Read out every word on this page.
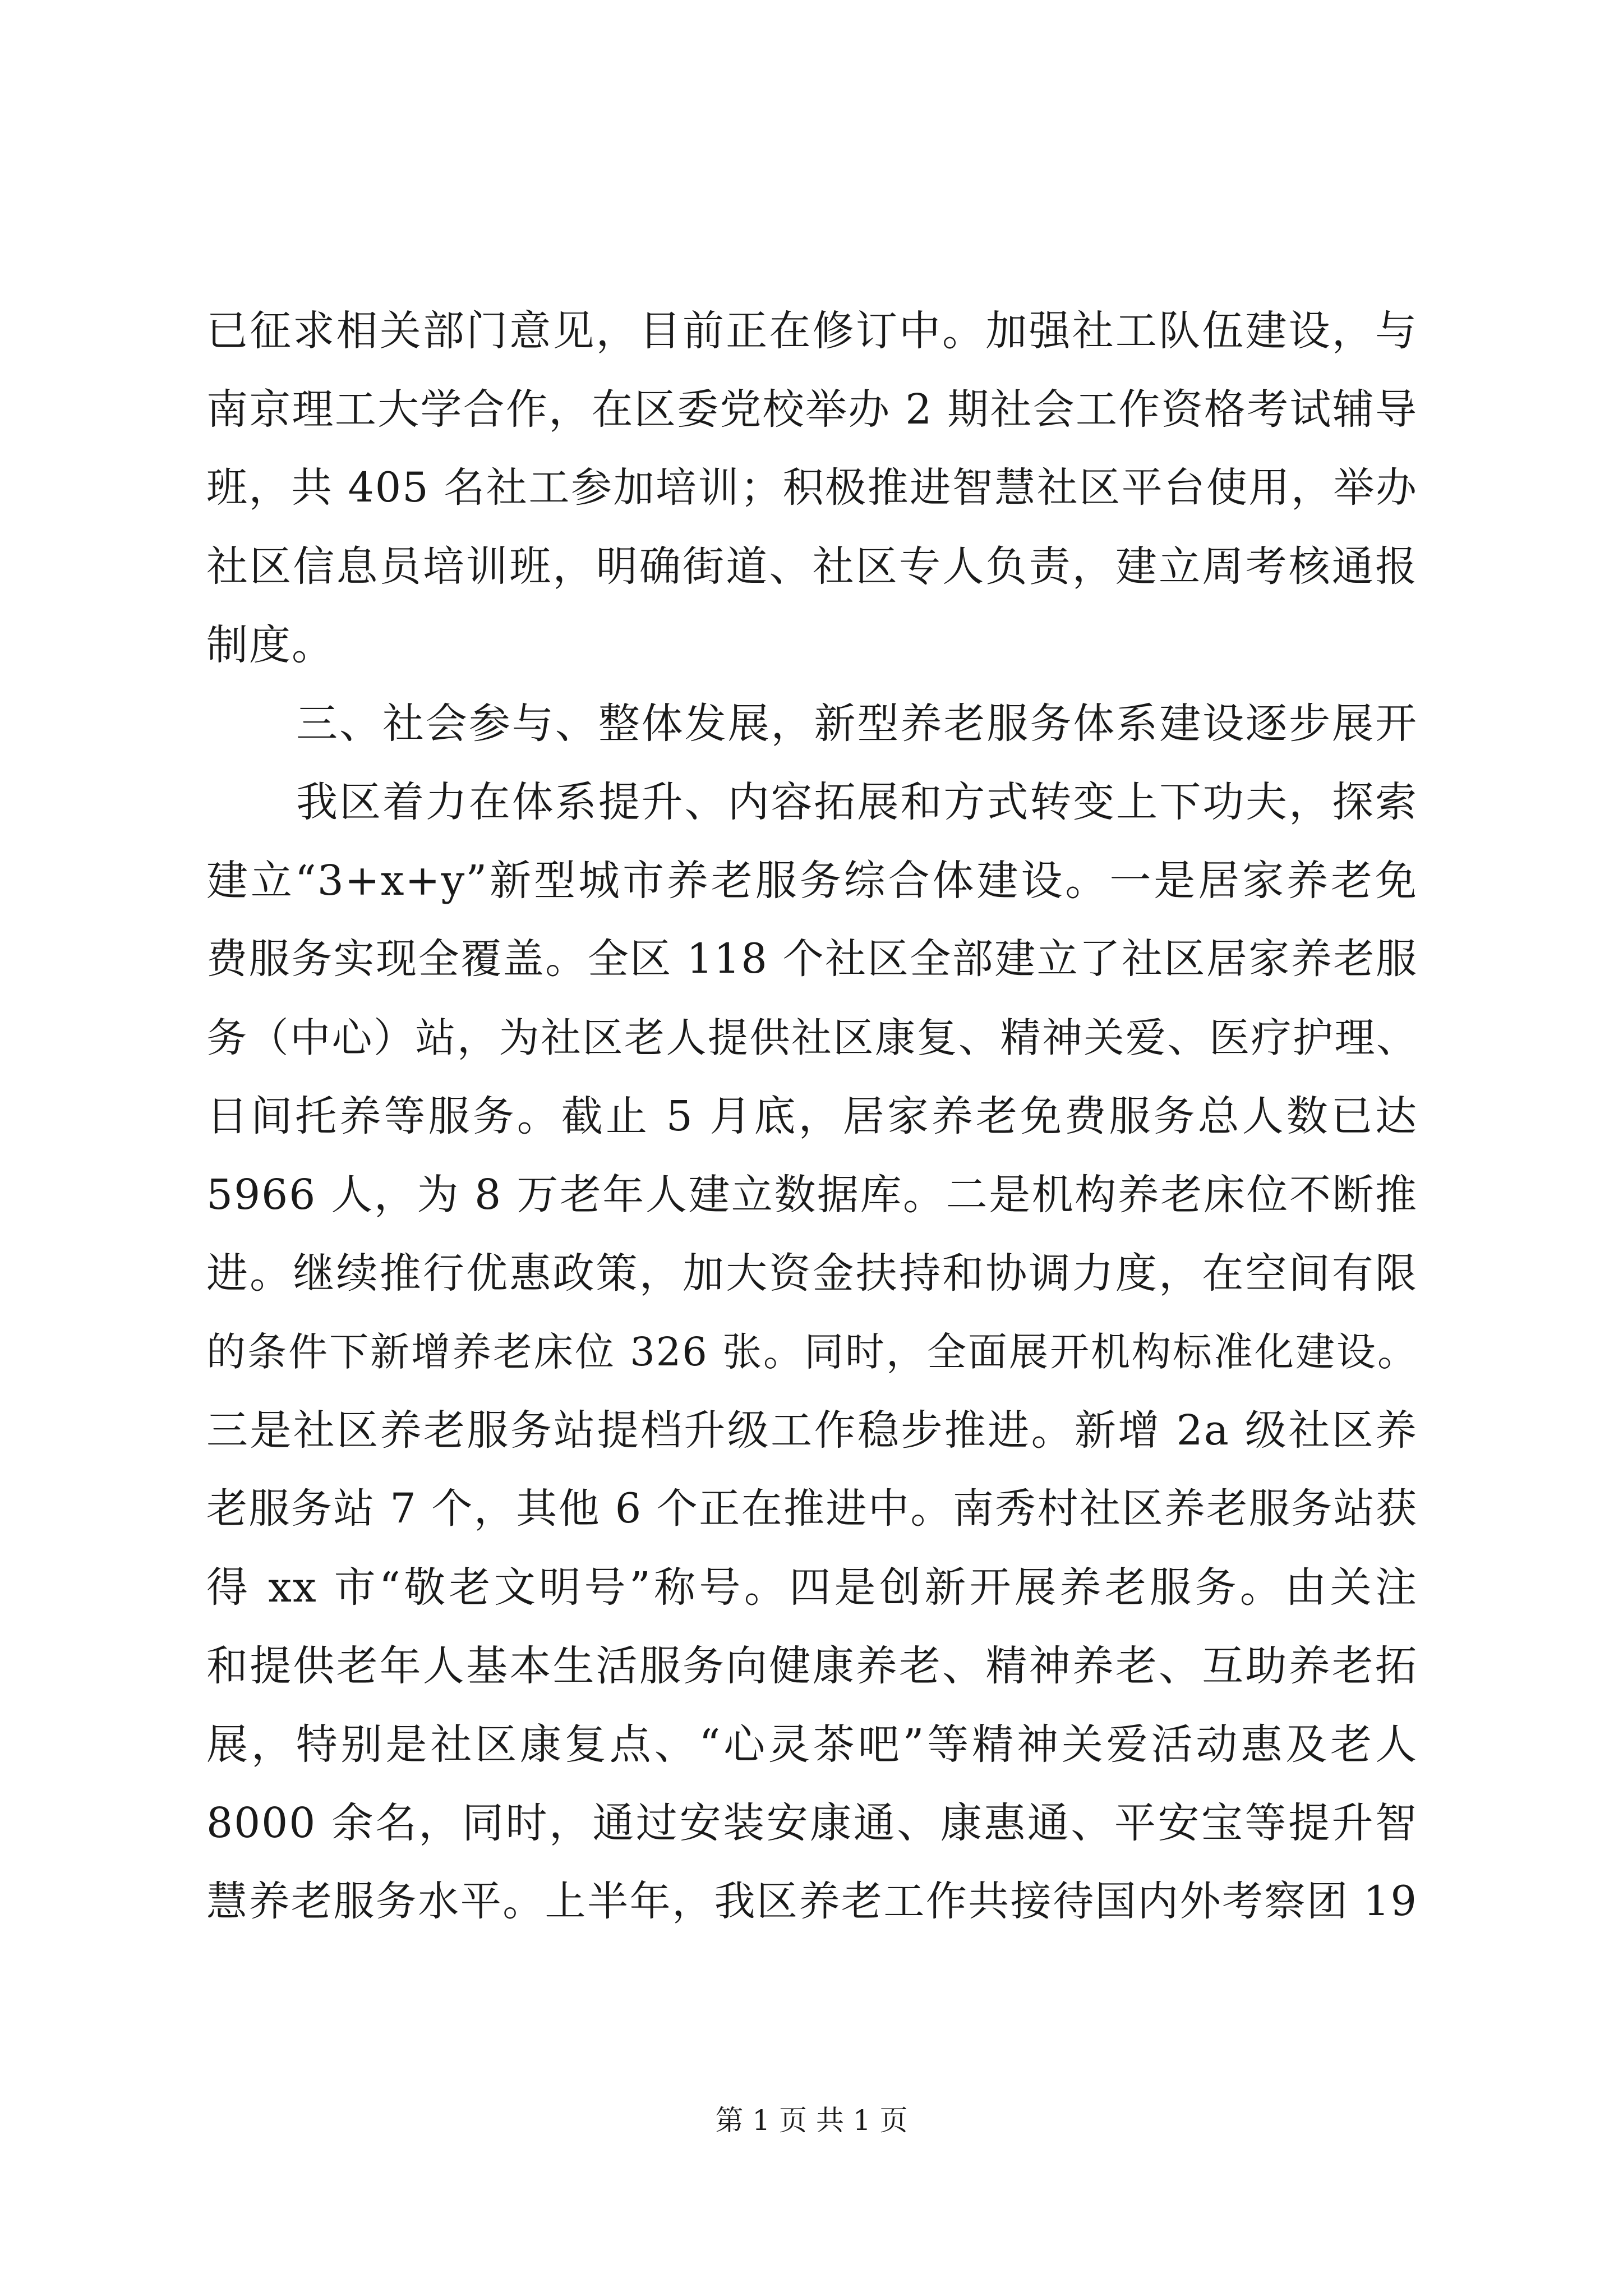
已征求相关部门意见，目前正在修订中。加强社工队伍建设，与
南京理工大学合作，在区委党校举办 2 期社会工作资格考试辅导
班，共 405 名社工参加培训；积极推进智慧社区平台使用，举办
社区信息员培训班，明确街道、社区专人负责，建立周考核通报
制度。
三、社会参与、整体发展，新型养老服务体系建设逐步展开
我区着力在体系提升、内容拓展和方式转变上下功夫，探索
建立“3+x+y”新型城市养老服务综合体建设。一是居家养老免
费服务实现全覆盖。全区 118 个社区全部建立了社区居家养老服
务（中心）站，为社区老人提供社区康复、精神关爱、医疗护理、
日间托养等服务。截止 5 月底，居家养老免费服务总人数已达
5966 人，为 8 万老年人建立数据库。二是机构养老床位不断推
进。继续推行优惠政策，加大资金扶持和协调力度，在空间有限
的条件下新增养老床位 326 张。同时，全面展开机构标准化建设。
三是社区养老服务站提档升级工作稳步推进。新增 2a 级社区养
老服务站 7 个，其他 6 个正在推进中。南秀村社区养老服务站获
得 xx 市“敬老文明号”称号。四是创新开展养老服务。由关注
和提供老年人基本生活服务向健康养老、精神养老、互助养老拓
展，特别是社区康复点、“心灵茶吧”等精神关爱活动惠及老人
8000 余名，同时，通过安装安康通、康惠通、平安宝等提升智
慧养老服务水平。上半年，我区养老工作共接待国内外考察团 19
第 1 页 共 1 页
